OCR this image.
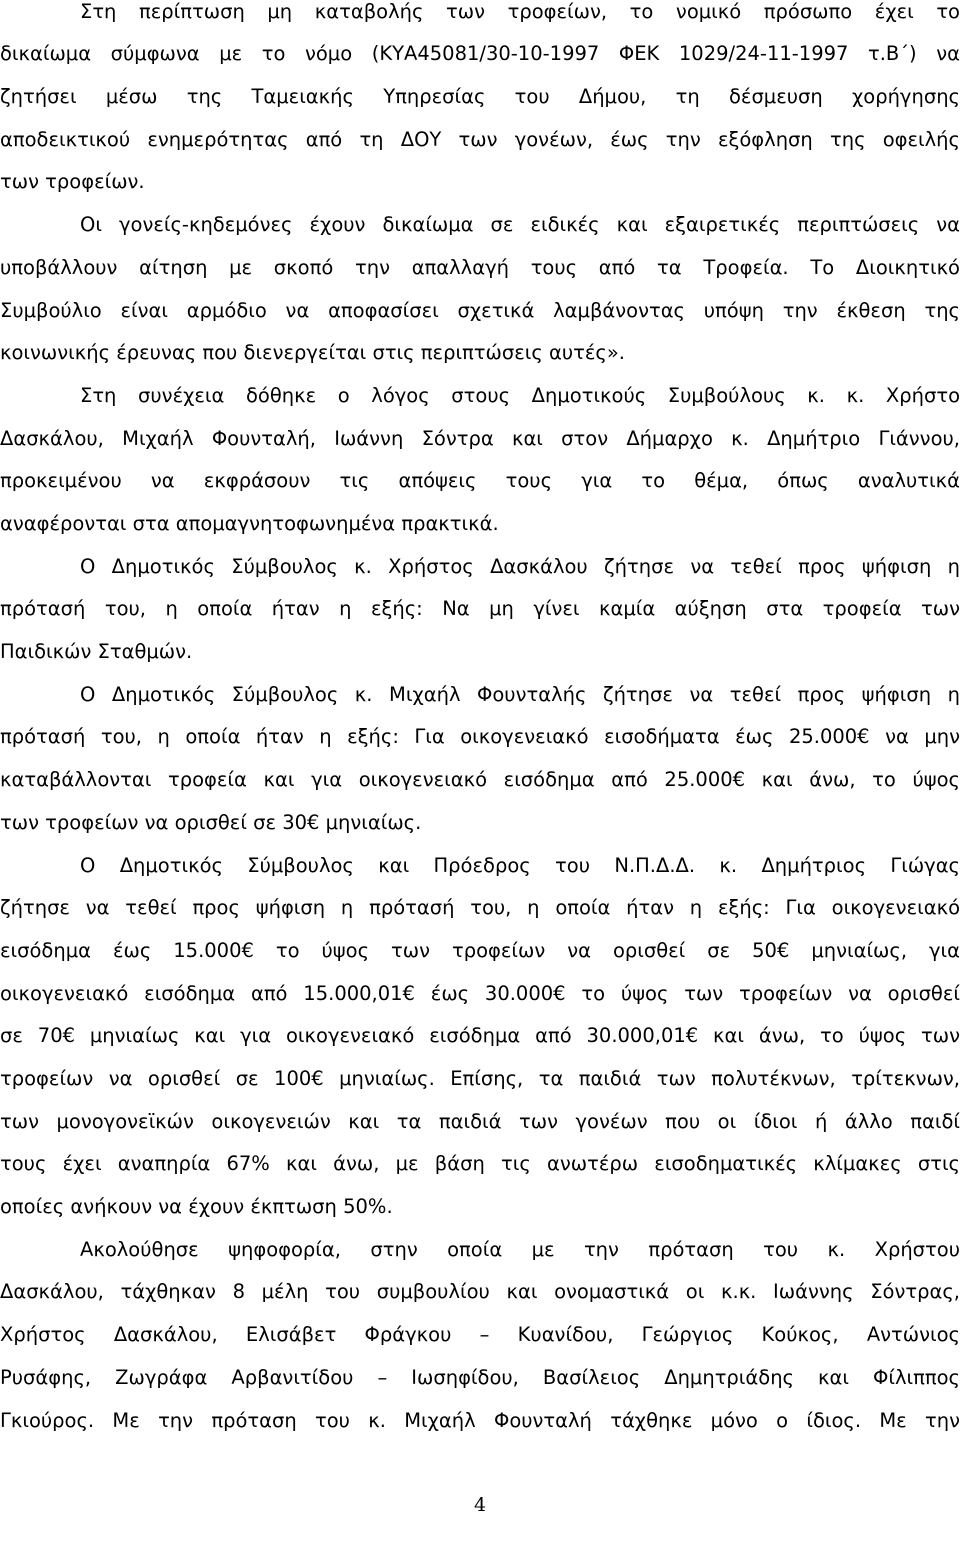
Στη περίπτωση μη καταβολής των τροφείων, το νομικό πρόσωπο έχει το
δικαίωμα σύμφωνα με το νόμο (ΚΥΑ45081/30-10-1997 ΦΕΚ 1029/24-11-1997 τ.Β΄) να
ζητήσει μέσω της Ταμειακής Υπηρεσίας του Δήμου, τη δέσμευση χορήγησης
αποδεικτικού ενημερότητας από τη ΔΟΥ των γονέων, έως την εξόφληση της οφειλής
των τροφείων.
Οι γονείς-κηδεμόνες έχουν δικαίωμα σε ειδικές και εξαιρετικές περιπτώσεις να
υποβάλλουν αίτηση με σκοπό την απαλλαγή τους από τα Τροφεία. Το Διοικητικό
Συμβούλιο είναι αρμόδιο να αποφασίσει σχετικά λαμβάνοντας υπόψη την έκθεση της
κοινωνικής έρευνας που διενεργείται στις περιπτώσεις αυτές».
Στη συνέχεια δόθηκε ο λόγος στους Δημοτικούς Συμβούλους κ. κ. Χρήστο
Δασκάλου, Μιχαήλ Φουνταλή, Ιωάννη Σόντρα και στον Δήμαρχο κ. Δημήτριο Γιάννου,
προκειμένου να εκφράσουν τις απόψεις τους για το θέμα, όπως αναλυτικά
αναφέρονται στα απομαγνητοφωνημένα πρακτικά.
Ο Δημοτικός Σύμβουλος κ. Χρήστος Δασκάλου ζήτησε να τεθεί προς ψήφιση η
πρότασή του, η οποία ήταν η εξής: Να μη γίνει καμία αύξηση στα τροφεία των
Παιδικών Σταθμών.
Ο Δημοτικός Σύμβουλος κ. Μιχαήλ Φουνταλής ζήτησε να τεθεί προς ψήφιση η
πρότασή του, η οποία ήταν η εξής: Για οικογενειακό εισοδήματα έως 25.000€ να μην
καταβάλλονται τροφεία και για οικογενειακό εισόδημα από 25.000€ και άνω, το ύψος
των τροφείων να ορισθεί σε 30€ μηνιαίως.
Ο Δημοτικός Σύμβουλος και Πρόεδρος του Ν.Π.Δ.Δ. κ. Δημήτριος Γιώγας
ζήτησε να τεθεί προς ψήφιση η πρότασή του, η οποία ήταν η εξής: Για οικογενειακό
εισόδημα έως 15.000€ το ύψος των τροφείων να ορισθεί σε 50€ μηνιαίως, για
οικογενειακό εισόδημα από 15.000,01€ έως 30.000€ το ύψος των τροφείων να ορισθεί
σε 70€ μηνιαίως και για οικογενειακό εισόδημα από 30.000,01€ και άνω, το ύψος των
τροφείων να ορισθεί σε 100€ μηνιαίως. Επίσης, τα παιδιά των πολυτέκνων, τρίτεκνων,
των μονογονεϊκών οικογενειών και τα παιδιά των γονέων που οι ίδιοι ή άλλο παιδί
τους έχει αναπηρία 67% και άνω, με βάση τις ανωτέρω εισοδηματικές κλίμακες στις
οποίες ανήκουν να έχουν έκπτωση 50%.
Ακολούθησε ψηφοφορία, στην οποία με την πρόταση του κ. Χρήστου
Δασκάλου, τάχθηκαν 8 μέλη του συμβουλίου και ονομαστικά οι κ.κ. Ιωάννης Σόντρας,
Χρήστος Δασκάλου, Ελισάβετ Φράγκου – Κυανίδου, Γεώργιος Κούκος, Αντώνιος
Ρυσάφης, Ζωγράφα Αρβανιτίδου – Ιωσηφίδου, Βασίλειος Δημητριάδης και Φίλιππος
Γκιούρος. Με την πρόταση του κ. Μιχαήλ Φουνταλή τάχθηκε μόνο ο ίδιος. Με την
4
